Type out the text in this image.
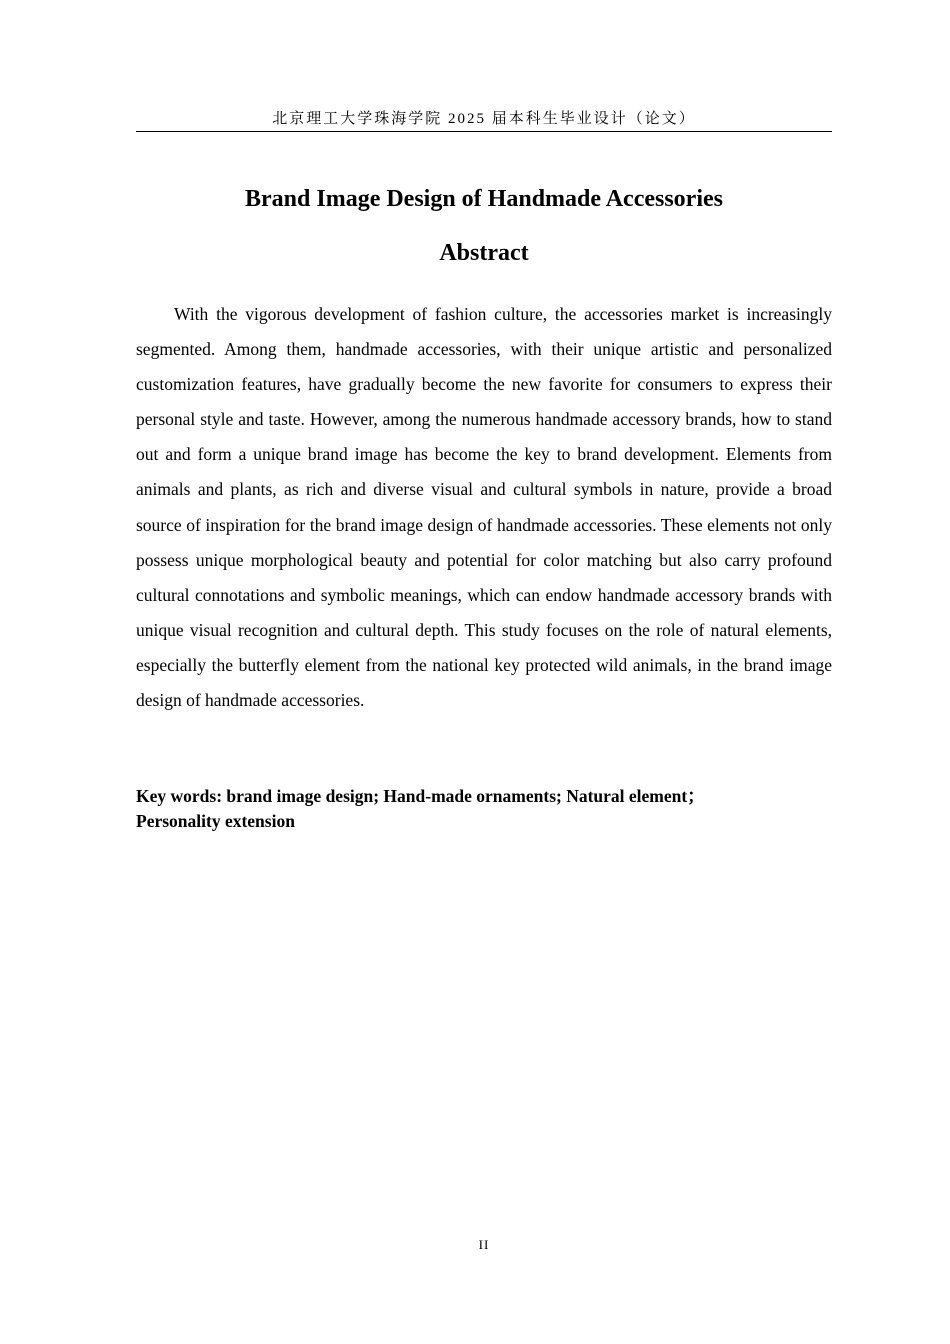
北京理工大学珠海学院 2025 届本科生毕业设计（论文）
Brand Image Design of Handmade Accessories
Abstract

With the vigorous development of fashion culture, the accessories market is increasingly segmented. Among them, handmade accessories, with their unique artistic and personalized customization features, have gradually become the new favorite for consumers to express their personal style and taste. However, among the numerous handmade accessory brands, how to stand out and form a unique brand image has become the key to brand development. Elements from animals and plants, as rich and diverse visual and cultural symbols in nature, provide a broad source of inspiration for the brand image design of handmade accessories. These elements not only possess unique morphological beauty and potential for color matching but also carry profound cultural connotations and symbolic meanings, which can endow handmade accessory brands with unique visual recognition and cultural depth. This study focuses on the role of natural elements, especially the butterfly element from the national key protected wild animals, in the brand image design of handmade accessories.

Key words: brand image design; Hand-made ornaments; Natural element；Personality extension

II
